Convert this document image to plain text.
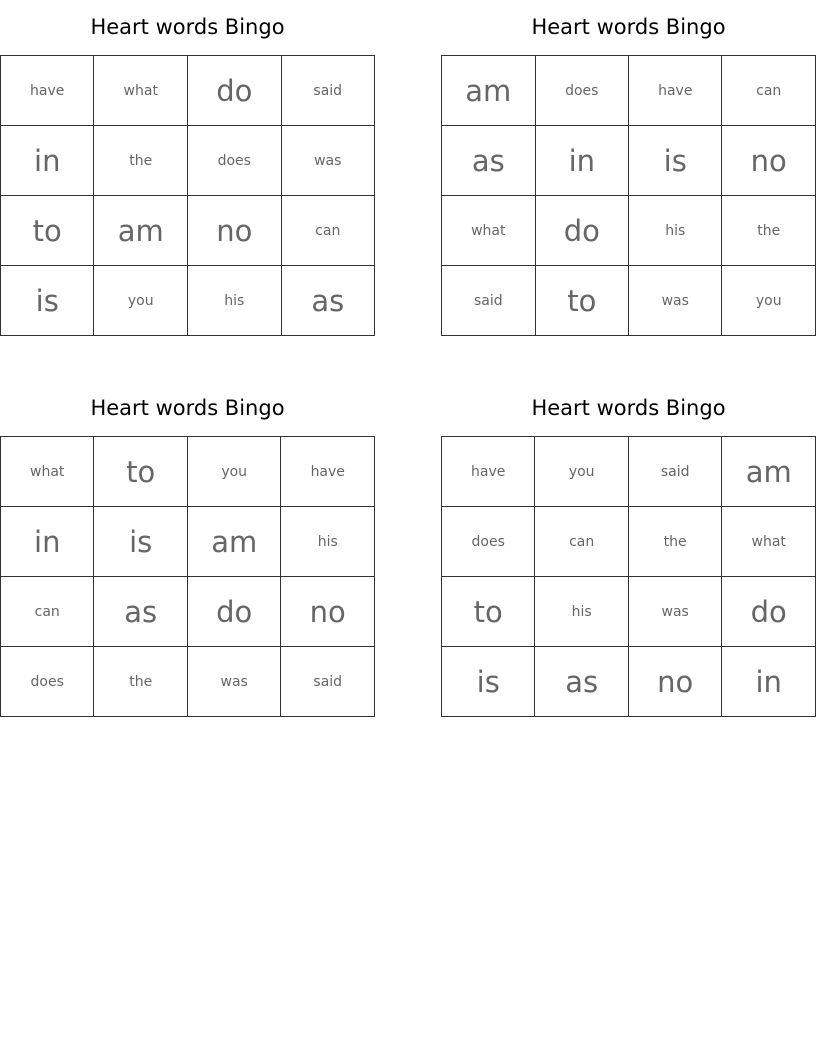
Heart words Bingo
have	what	do	said
in	the	does	was
to	am	no	can
is	you	his	as
Heart words Bingo
am	does	have	can
as	in	is	no
what	do	his	the
said	to	was	you
Heart words Bingo
what	to	you	have
in	is	am	his
can	as	do	no
does	the	was	said
Heart words Bingo
have	you	said	am
does	can	the	what
to	his	was	do
is	as	no	in
